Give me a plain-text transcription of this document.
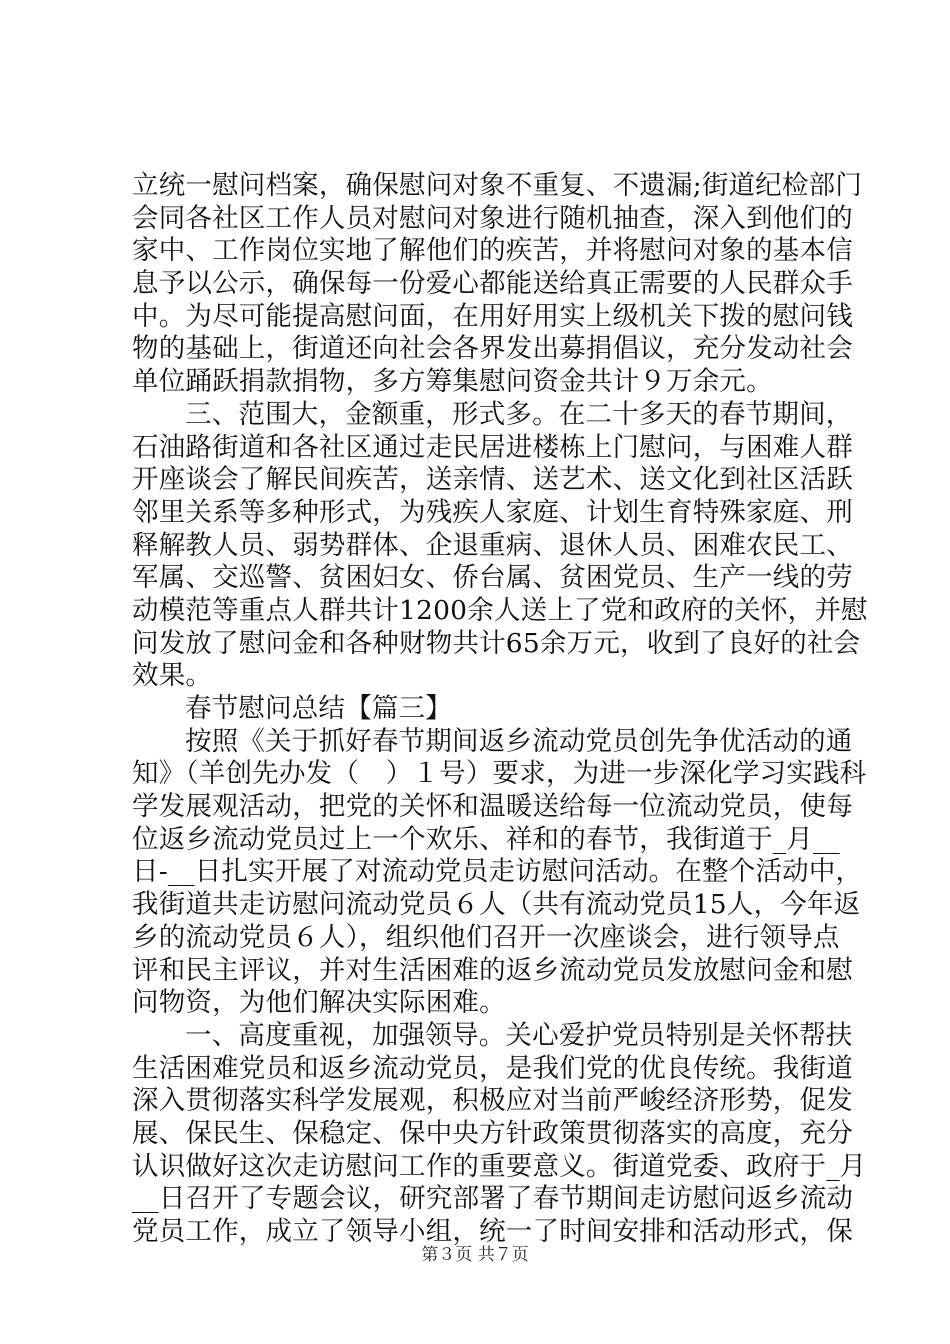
立统一慰问档案，确保慰问对象不重复、不遗漏;街道纪检部门
会同各社区工作人员对慰问对象进行随机抽查，深入到他们的
家中、工作岗位实地了解他们的疾苦，并将慰问对象的基本信
息予以公示，确保每一份爱心都能送给真正需要的人民群众手
中。为尽可能提高慰问面，在用好用实上级机关下拨的慰问钱
物的基础上，街道还向社会各界发出募捐倡议，充分发动社会
单位踊跃捐款捐物，多方筹集慰问资金共计９万余元。
三、范围大，金额重，形式多。在二十多天的春节期间，
石油路街道和各社区通过走民居进楼栋上门慰问，与困难人群
开座谈会了解民间疾苦，送亲情、送艺术、送文化到社区活跃
邻里关系等多种形式，为残疾人家庭、计划生育特殊家庭、刑
释解教人员、弱势群体、企退重病、退休人员、困难农民工、
军属、交巡警、贫困妇女、侨台属、贫困党员、生产一线的劳
动模范等重点人群共计1200余人送上了党和政府的关怀，并慰
问发放了慰问金和各种财物共计65余万元，收到了良好的社会
效果。
春节慰问总结【篇三】
按照《关于抓好春节期间返乡流动党员创先争优活动的通
知》（羊创先办发（　）１号）要求，为进一步深化学习实践科
学发展观活动，把党的关怀和温暖送给每一位流动党员，使每
位返乡流动党员过上一个欢乐、祥和的春节，我街道于_月__
日-__日扎实开展了对流动党员走访慰问活动。在整个活动中，
我街道共走访慰问流动党员６人（共有流动党员15人，今年返
乡的流动党员６人），组织他们召开一次座谈会，进行领导点
评和民主评议，并对生活困难的返乡流动党员发放慰问金和慰
问物资，为他们解决实际困难。
一、高度重视，加强领导。关心爱护党员特别是关怀帮扶
生活困难党员和返乡流动党员，是我们党的优良传统。我街道
深入贯彻落实科学发展观，积极应对当前严峻经济形势，促发
展、保民生、保稳定、保中央方针政策贯彻落实的高度，充分
认识做好这次走访慰问工作的重要意义。街道党委、政府于_月
__日召开了专题会议，研究部署了春节期间走访慰问返乡流动
党员工作，成立了领导小组，统一了时间安排和活动形式，保
第３页 共７页
